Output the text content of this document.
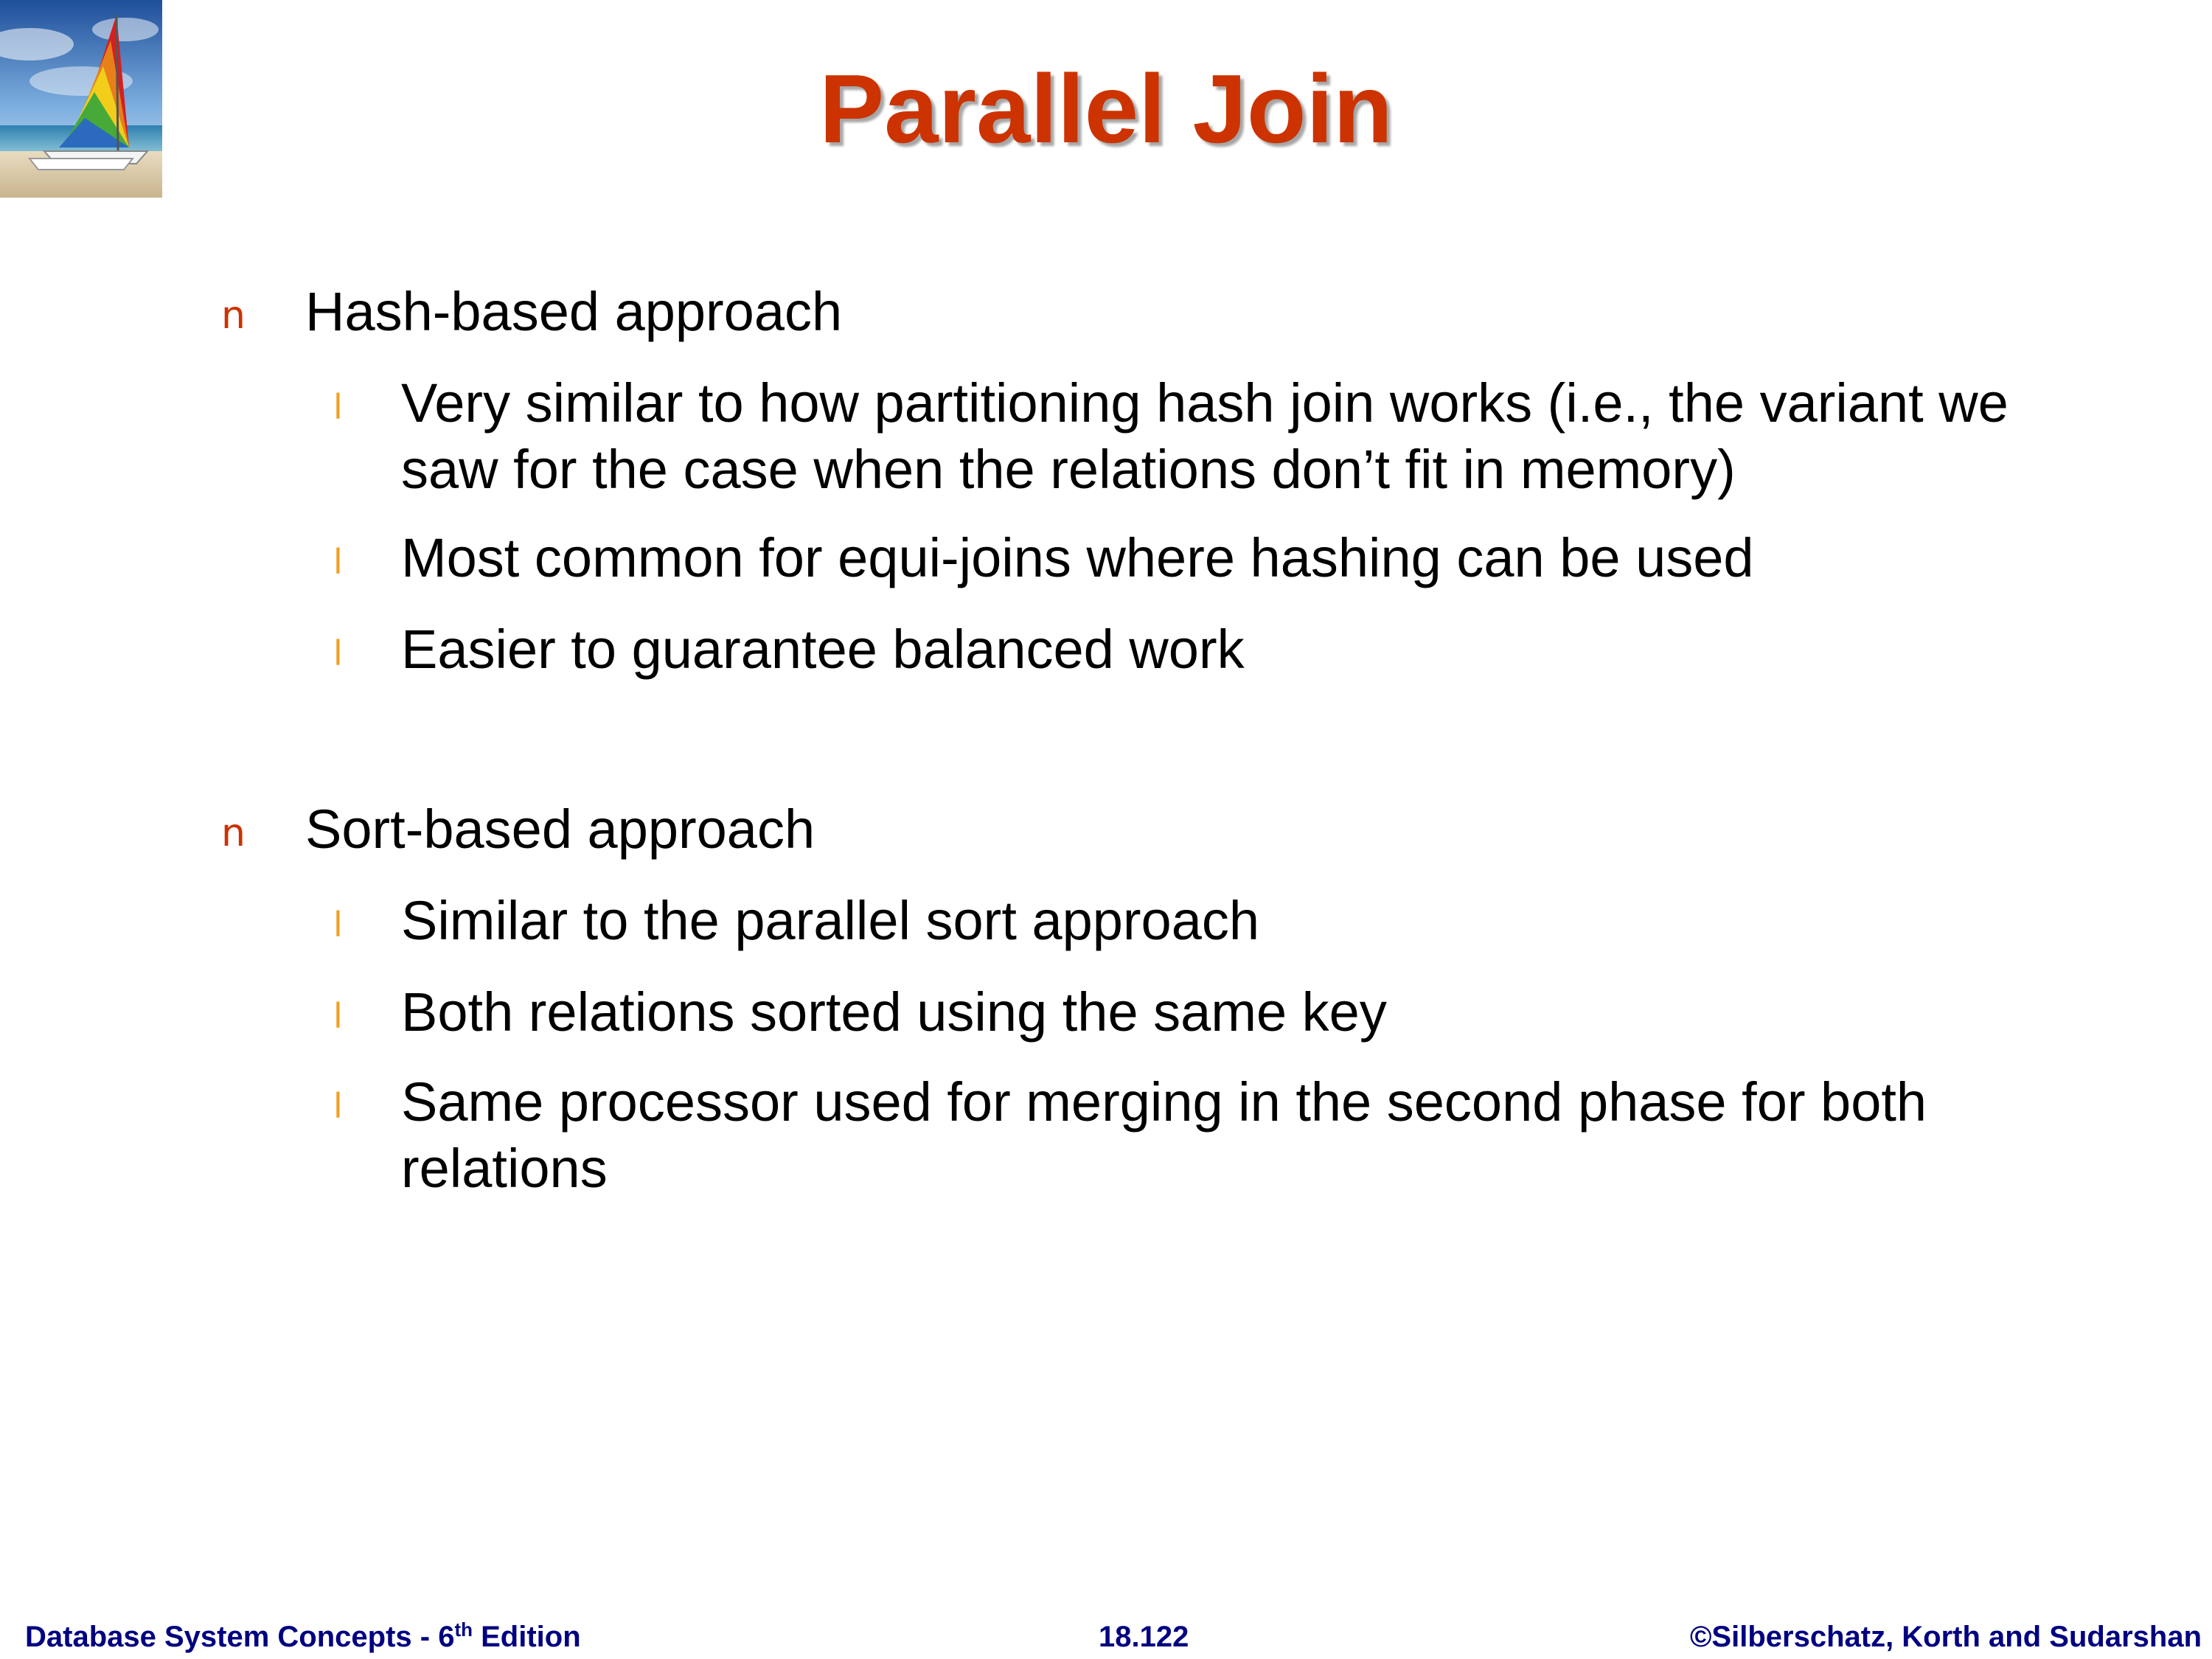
Parallel Join
n Hash-based approach
l Very similar to how partitioning hash join works (i.e., the variant we saw for the case when the relations don’t fit in memory)
l Most common for equi-joins where hashing can be used
l Easier to guarantee balanced work
n Sort-based approach
l Similar to the parallel sort approach
l Both relations sorted using the same key
l Same processor used for merging in the second phase for both relations
Database System Concepts - 6th Edition	18.122	©Silberschatz, Korth and Sudarshan
